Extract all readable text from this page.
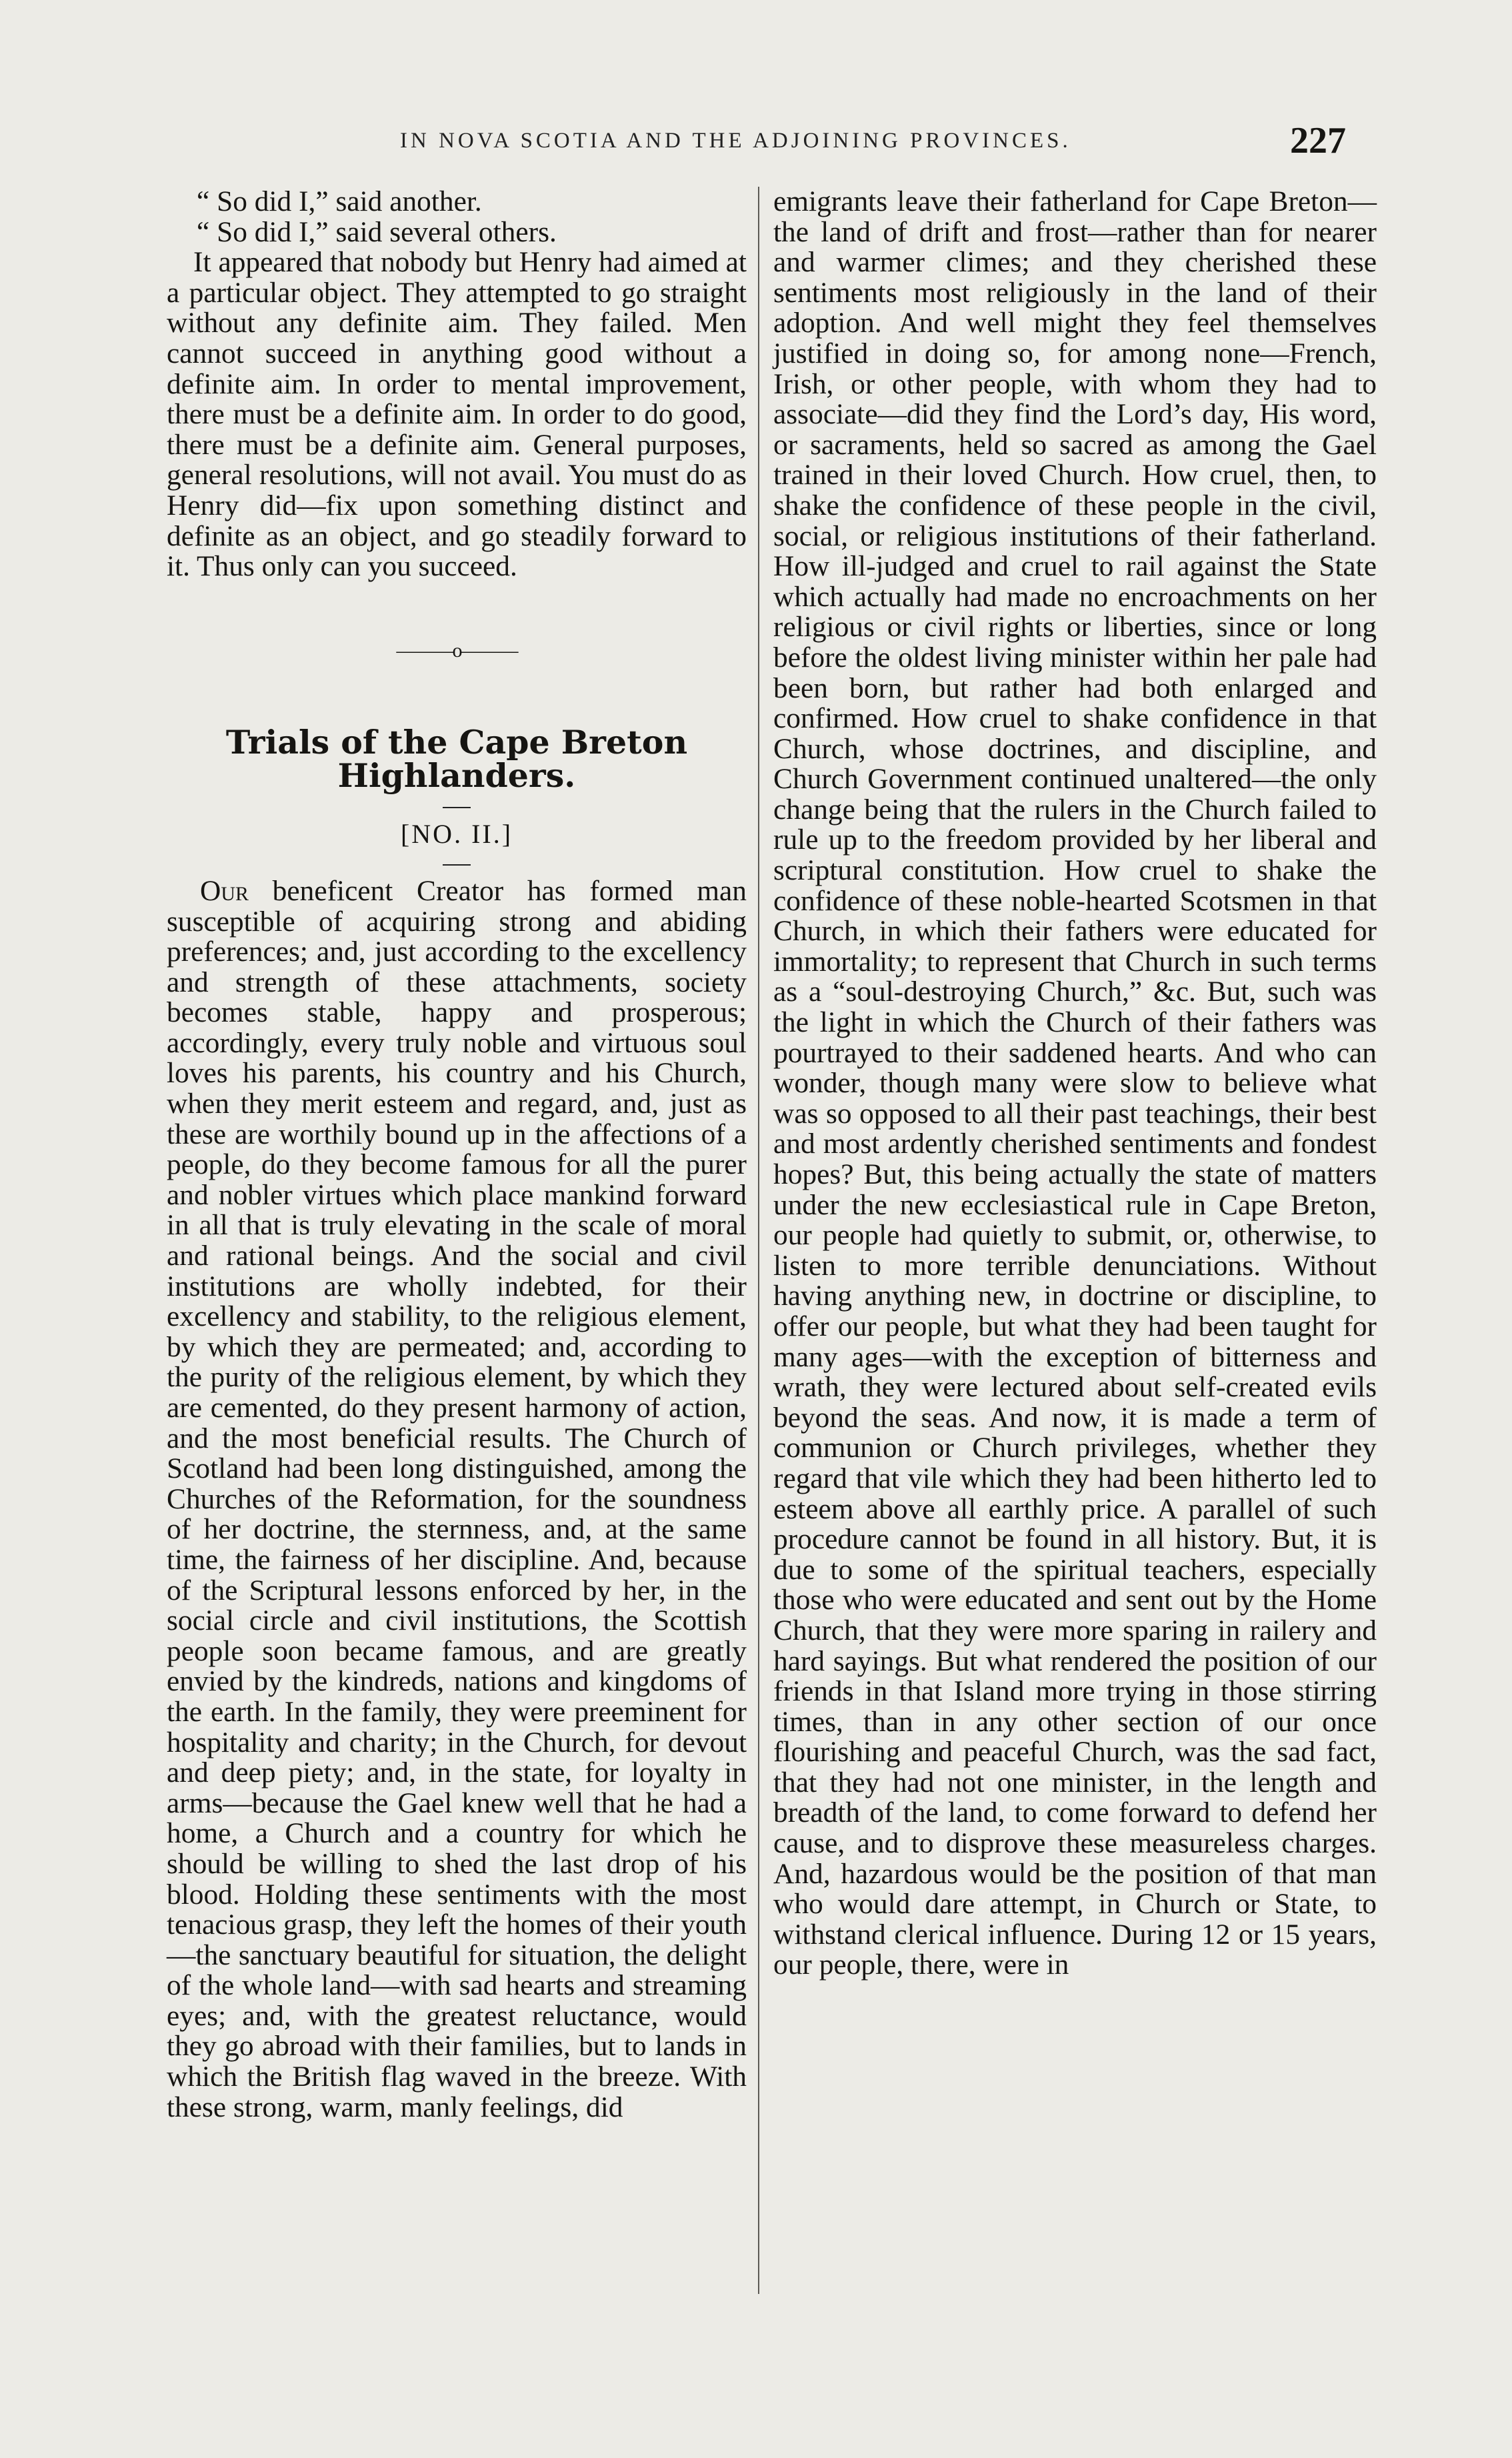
IN NOVA SCOTIA AND THE ADJOINING PROVINCES.	227

“ So did I,” said another.

“ So did I,” said several others.

It appeared that nobody but Henry had aimed at a particular object. They attempted to go straight without any definite aim. They failed. Men cannot succeed in anything good without a definite aim. In order to mental improvement, there must be a definite aim. In order to do good, there must be a definite aim. General purposes, general resolutions, will not avail. You must do as Henry did—fix upon something distinct and definite as an object, and go steadily forward to it. Thus only can you succeed.

———o———
Trials of the Cape Breton Highlanders.
[NO. II.]

Our beneficent Creator has formed man susceptible of acquiring strong and abiding preferences; and, just according to the excellency and strength of these attachments, society becomes stable, happy and prosperous; accordingly, every truly noble and virtuous soul loves his parents, his country and his Church, when they merit esteem and regard, and, just as these are worthily bound up in the affections of a people, do they become famous for all the purer and nobler virtues which place mankind forward in all that is truly elevating in the scale of moral and rational beings. And the social and civil institutions are wholly indebted, for their excellency and stability, to the religious element, by which they are permeated; and, according to the purity of the religious element, by which they are cemented, do they present harmony of action, and the most beneficial results. The Church of Scotland had been long distinguished, among the Churches of the Reformation, for the soundness of her doctrine, the sternness, and, at the same time, the fairness of her discipline. And, because of the Scriptural lessons enforced by her, in the social circle and civil institutions, the Scottish people soon became famous, and are greatly envied by the kindreds, nations and kingdoms of the earth. In the family, they were preeminent for hospitality and charity; in the Church, for devout and deep piety; and, in the state, for loyalty in arms—because the Gael knew well that he had a home, a Church and a country for which he should be willing to shed the last drop of his blood. Holding these sentiments with the most tenacious grasp, they left the homes of their youth—the sanctuary beautiful for situation, the delight of the whole land—with sad hearts and streaming eyes; and, with the greatest reluctance, would they go abroad with their families, but to lands in which the British flag waved in the breeze. With these strong, warm, manly feelings, did

emigrants leave their fatherland for Cape Breton—the land of drift and frost—rather than for nearer and warmer climes; and they cherished these sentiments most religiously in the land of their adoption. And well might they feel themselves justified in doing so, for among none—French, Irish, or other people, with whom they had to associate—did they find the Lord’s day, His word, or sacraments, held so sacred as among the Gael trained in their loved Church. How cruel, then, to shake the confidence of these people in the civil, social, or religious institutions of their fatherland. How ill-judged and cruel to rail against the State which actually had made no encroachments on her religious or civil rights or liberties, since or long before the oldest living minister within her pale had been born, but rather had both enlarged and confirmed. How cruel to shake confidence in that Church, whose doctrines, and discipline, and Church Government continued unaltered—the only change being that the rulers in the Church failed to rule up to the freedom provided by her liberal and scriptural constitution. How cruel to shake the confidence of these noble-hearted Scotsmen in that Church, in which their fathers were educated for immortality; to represent that Church in such terms as a “soul-destroying Church,” &c. But, such was the light in which the Church of their fathers was pourtrayed to their saddened hearts. And who can wonder, though many were slow to believe what was so opposed to all their past teachings, their best and most ardently cherished sentiments and fondest hopes? But, this being actually the state of matters under the new ecclesiastical rule in Cape Breton, our people had quietly to submit, or, otherwise, to listen to more terrible denunciations. Without having anything new, in doctrine or discipline, to offer our people, but what they had been taught for many ages—with the exception of bitterness and wrath, they were lectured about self-created evils beyond the seas. And now, it is made a term of communion or Church privileges, whether they regard that vile which they had been hitherto led to esteem above all earthly price. A parallel of such procedure cannot be found in all history. But, it is due to some of the spiritual teachers, especially those who were educated and sent out by the Home Church, that they were more sparing in railery and hard sayings. But what rendered the position of our friends in that Island more trying in those stirring times, than in any other section of our once flourishing and peaceful Church, was the sad fact, that they had not one minister, in the length and breadth of the land, to come forward to defend her cause, and to disprove these measureless charges. And, hazardous would be the position of that man who would dare attempt, in Church or State, to withstand clerical influence. During 12 or 15 years, our people, there, were in
